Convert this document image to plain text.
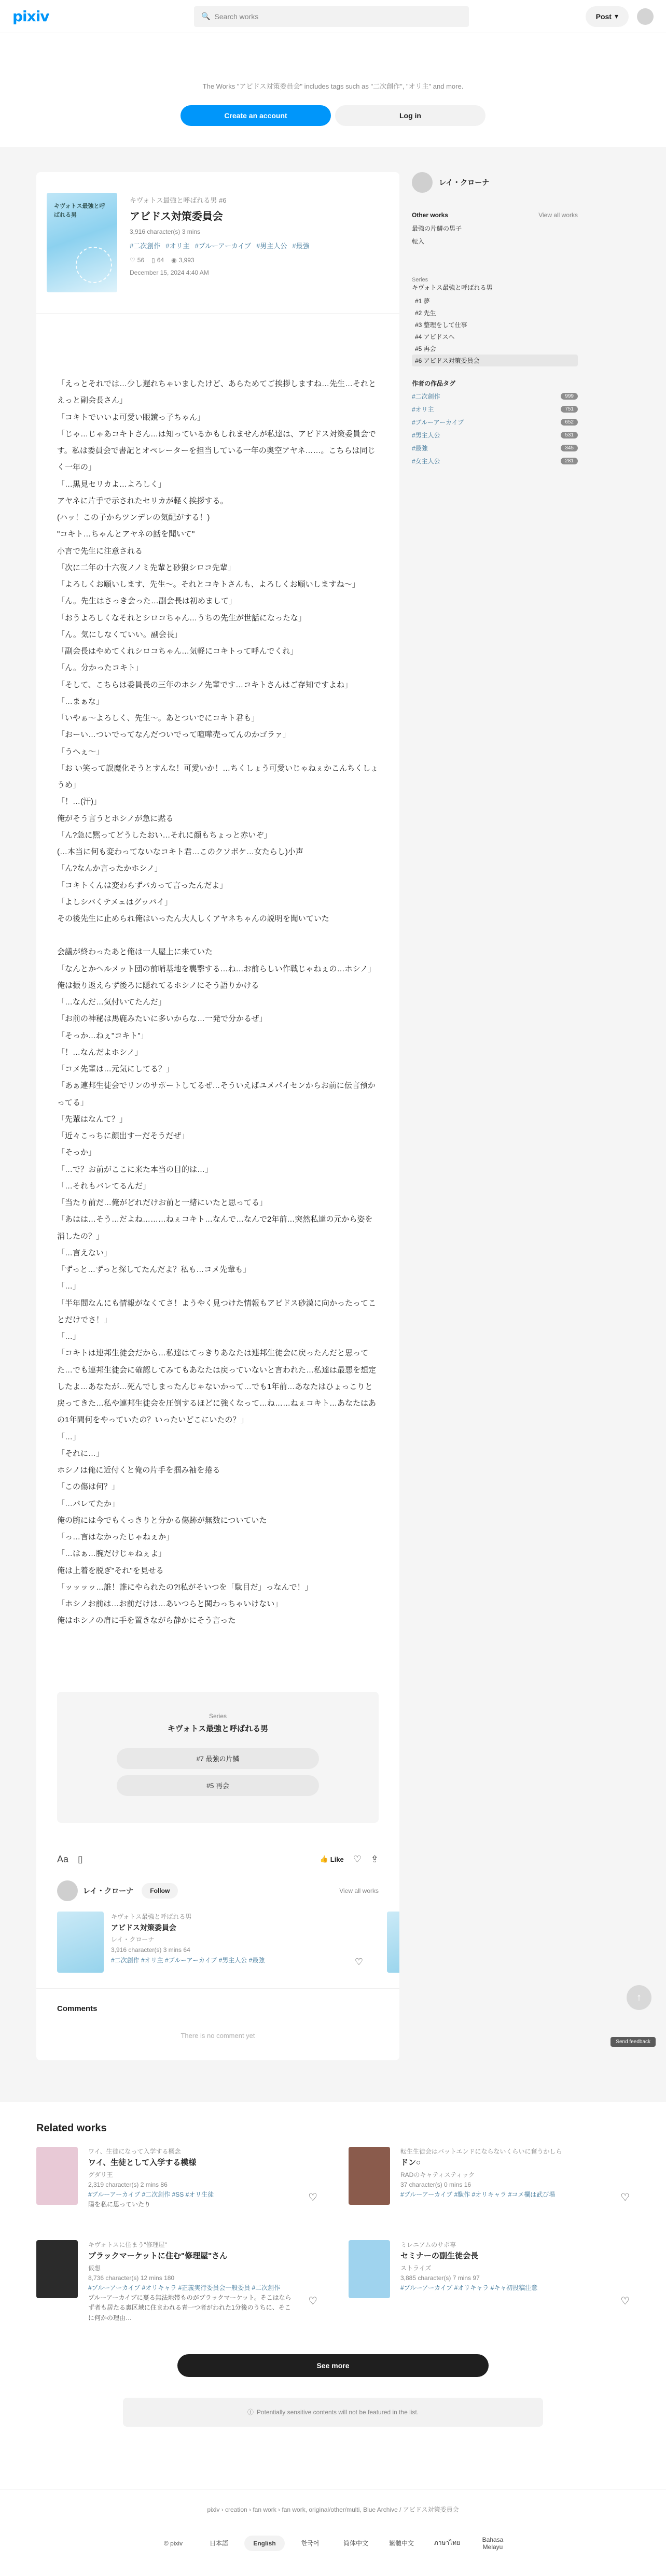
pixiv	🔍 Search works	Post ▾
The Works "アビドス対策委員会" includes tags such as "二次創作", "オリ主" and more.
Create an account	Log in
キヴォトス最強と呼ばれる男
キヴォトス最強と呼ばれる男 #6
アビドス対策委員会
3,916 character(s) 3 mins
#二次創作 #オリ主 #ブルーアーカイブ #男主人公 #最強
♡ 56 ▯ 64 ◉ 3,993
December 15, 2024 4:40 AM

「えっとそれでは…少し遅れちゃいましたけど、あらためてご挨拶しますね…先生…それとえっと副会長さん」

「コキトでいいよ可愛い眼鏡っ子ちゃん」

「じゃ…じゃあコキトさん…は知っているかもしれませんが私達は、アビドス対策委員会です。私は委員会で書記とオペレーターを担当している一年の奥空アヤネ……。こちらは同じく一年の」

「…黒見セリカよ…よろしく」

アヤネに片手で示されたセリカが軽く挨拶する。

(ハッ！この子からツンデレの気配がする！)

"コキト…ちゃんとアヤネの話を聞いて"

小言で先生に注意される

「次に二年の十六夜ノノミ先輩と砂狼シロコ先輩」

「よろしくお願いします、先生～。それとコキトさんも、よろしくお願いしますね～」

「ん。先生はさっき会った…副会長は初めまして」

「おうよろしくなそれとシロコちゃん…うちの先生が世話になったな」

「ん。気にしなくていい。副会長」

「副会長はやめてくれシロコちゃん…気軽にコキトって呼んでくれ」

「ん。分かったコキト」

「そして、こちらは委員長の三年のホシノ先輩です…コキトさんはご存知ですよね」

「…まぁな」

「いやぁ～よろしく、先生～。あとついでにコキト君も」

「おーい…ついでってなんだついでって喧嘩売ってんのかゴラァ」

「うへぇ～」

「お い笑って誤魔化そうとすんな！可愛いか！…ちくしょう可愛いじゃねぇかこんちくしょうめ」

「！…(汗)」

俺がそう言うとホシノが急に黙る

「ん?急に黙ってどうしたおい…それに顔もちょっと赤いぞ」

(…本当に何も変わってないなコキト君…このクソボケ…女たらし)小声

「ん?なんか言ったかホシノ」

「コキトくんは変わらずバカって言ったんだよ」

「よしシバくテメェはグッパイ」

その後先生に止められ俺はいったん大人しくアヤネちゃんの説明を聞いていた

会議が終わったあと俺は一人屋上に来ていた

「なんとかヘルメット団の前哨基地を襲撃する…ね…お前らしい作戦じゃねぇの…ホシノ」

俺は振り返えらず後ろに隠れてるホシノにそう語りかける

「…なんだ…気付いてたんだ」

「お前の神秘は馬鹿みたいに多いからな…一発で分かるぜ」

「そっか…ねぇ"コキト"」

「！…なんだよホシノ」

「コメ先輩は…元気にしてる？」

「あぁ連邦生徒会でリンのサポートしてるぜ…そういえばユメパイセンからお前に伝言預かってる」

「先輩はなんて？」

「近々こっちに顔出すーだそうだぜ」

「そっか」

「…で？お前がここに来た本当の目的は…」

「…それもバレてるんだ」

「当たり前だ…俺がどれだけお前と一緒にいたと思ってる」

「あはは…そう…だよね………ねぇコキト…なんで…なんで2年前…突然私達の元から姿を消したの？」

「…言えない」

「ずっと…ずっと探してたんだよ？私も…コメ先輩も」

「…」

「半年間なんにも情報がなくてさ！ようやく見つけた情報もアビドス砂漠に向かったってことだけでさ！」

「…」

「コキトは連邦生徒会だから…私達はてっきりあなたは連邦生徒会に戻ったんだと思ってた…でも連邦生徒会に確認してみてもあなたは戻っていないと言われた…私達は最悪を想定したよ…あなたが…死んでしまったんじゃないかって…でも1年前…あなたはひょっこりと戻ってきた…私や連邦生徒会を圧倒するほどに強くなって…ね……ねぇコキト…あなたはあの1年間何をやっていたの？いったいどこにいたの？」

「…」

「それに…」

ホシノは俺に近付くと俺の片手を掴み袖を捲る

「この傷は何？」

「…バレてたか」

俺の腕には今でもくっきりと分かる傷跡が無数についていた

「っ…言はなかったじゃねぇか」

「…はぁ…腕だけじゃねぇよ」

俺は上着を脱ぎ"それ"を見せる

「ッッッッ…誰！誰にやられたの?!私がそいつを「駄目だ」っなんで！」

「ホシノお前は…お前だけは…あいつらと関わっちゃいけない」

俺はホシノの肩に手を置きながら静かにそう言った

Series
キヴォトス最強と呼ばれる男
#7 最強の片鱗
#5 再会
Aa ▯	👍 Like ♡ ⇪
レイ・クローナ	Follow	View all works
キヴォトス最強と呼ばれる男
アビドス対策委員会
レイ・クローナ
3,916 character(s) 3 mins 64
#二次創作 #オリ主 #ブルーアーカイブ #男主人公 #最強	♡
Comments
There is no comment yet
レイ・クローナ
Other works	View all works
最強の片鱗の男子
転入
Series
キヴォトス最強と呼ばれる男
#1 夢
#2 先生
#3 整理をして仕事
#4 アビドスへ
#5 再会
#6 アビドス対策委員会
作者の作品タグ
#二次創作	999
#オリ主	751
#ブルーアーカイブ	652
#男主人公	531
#最強	345
#女主人公	281
↑
Send feedback
Related works
ワイ、生徒になって入学する概念
ワイ、生徒として入学する模様
グダリ王
2,319 character(s) 2 mins 86
#ブルーアーカイブ #二次創作 #SS #オリ生徒
陽を私に思っていたり
♡
転生生徒会はバットエンドにならないくらいに奮うかしら
ドン○
RADのキャティスティック
37 character(s) 0 mins 16
#ブルーアーカイブ #駄作 #オリキャラ #コメ欄は武び場	♡
キヴォトスに住まう"修理屋"
ブラックマーケットに住む"修理屋"さん
仮想
8,736 character(s) 12 mins 180
#ブルーアーカイブ #オリキャラ #正義実行委員会一般委員 #二次創作
ブルーアーカイブに蔓る無法地帯ものがブラックマーケット。そこはならず者も居たる裏区域に住まわれる青一つ者がわれた1分後のうちに、そこに何かの理由…
♡
ミレニアムのサポ専
セミナーの副生徒会長
ストライズ
3,885 character(s) 7 mins 97
#ブルーアーカイブ #オリキャラ #キャ初投稿注意
♡
See more
ⓘ Potentially sensitive contents will not be featured in the list.
pixiv › creation › fan work › fan work, original/other/multi, Blue Archive / アビドス対策委員会
© pixiv	日本語	English	한국어	简体中文	繁體中文	ภาษาไทย	Bahasa Melayu
